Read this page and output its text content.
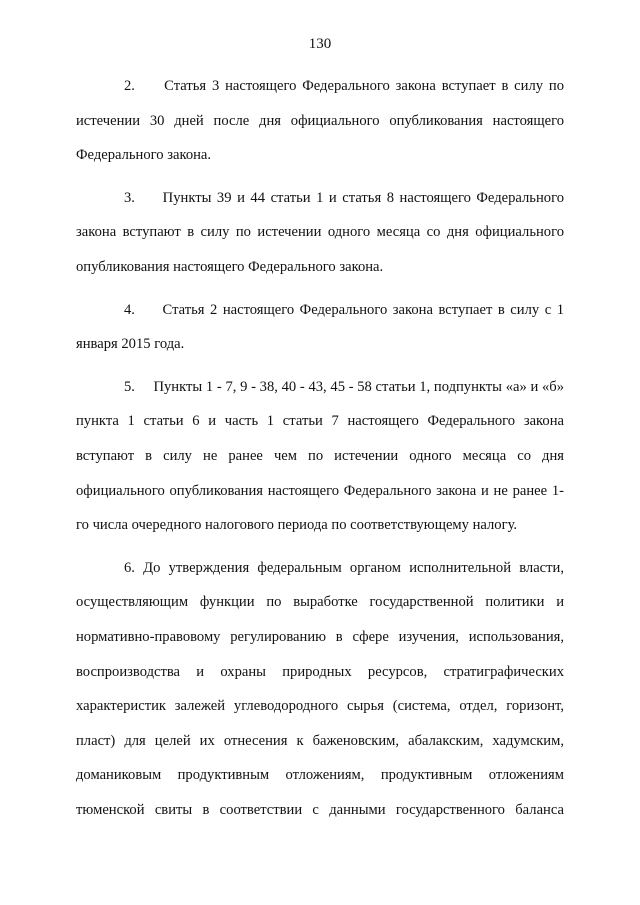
130

2.     Статья 3 настоящего Федерального закона вступает в силу по истечении 30 дней после дня официального опубликования настоящего Федерального закона.

3.     Пункты 39 и 44 статьи 1 и статья 8 настоящего Федерального закона вступают в силу по истечении одного месяца со дня официального опубликования настоящего Федерального закона.

4.     Статья 2 настоящего Федерального закона вступает в силу с 1 января 2015 года.

5.     Пункты 1 - 7, 9 - 38, 40 - 43, 45 - 58 статьи 1, подпункты «а» и «б» пункта 1 статьи 6 и часть 1 статьи 7 настоящего Федерального закона вступают в силу не ранее чем по истечении одного месяца со дня официального опубликования настоящего Федерального закона и не ранее 1-го числа очередного налогового периода по соответствующему налогу.

6. До утверждения федеральным органом исполнительной власти, осуществляющим функции по выработке государственной политики и нормативно-правовому регулированию в сфере изучения, использования, воспроизводства и охраны природных ресурсов, стратиграфических характеристик залежей углеводородного сырья (система, отдел, горизонт, пласт) для целей их отнесения к баженовским, абалакским, хадумским, доманиковым продуктивным отложениям, продуктивным отложениям тюменской свиты в соответствии с данными государственного баланса
